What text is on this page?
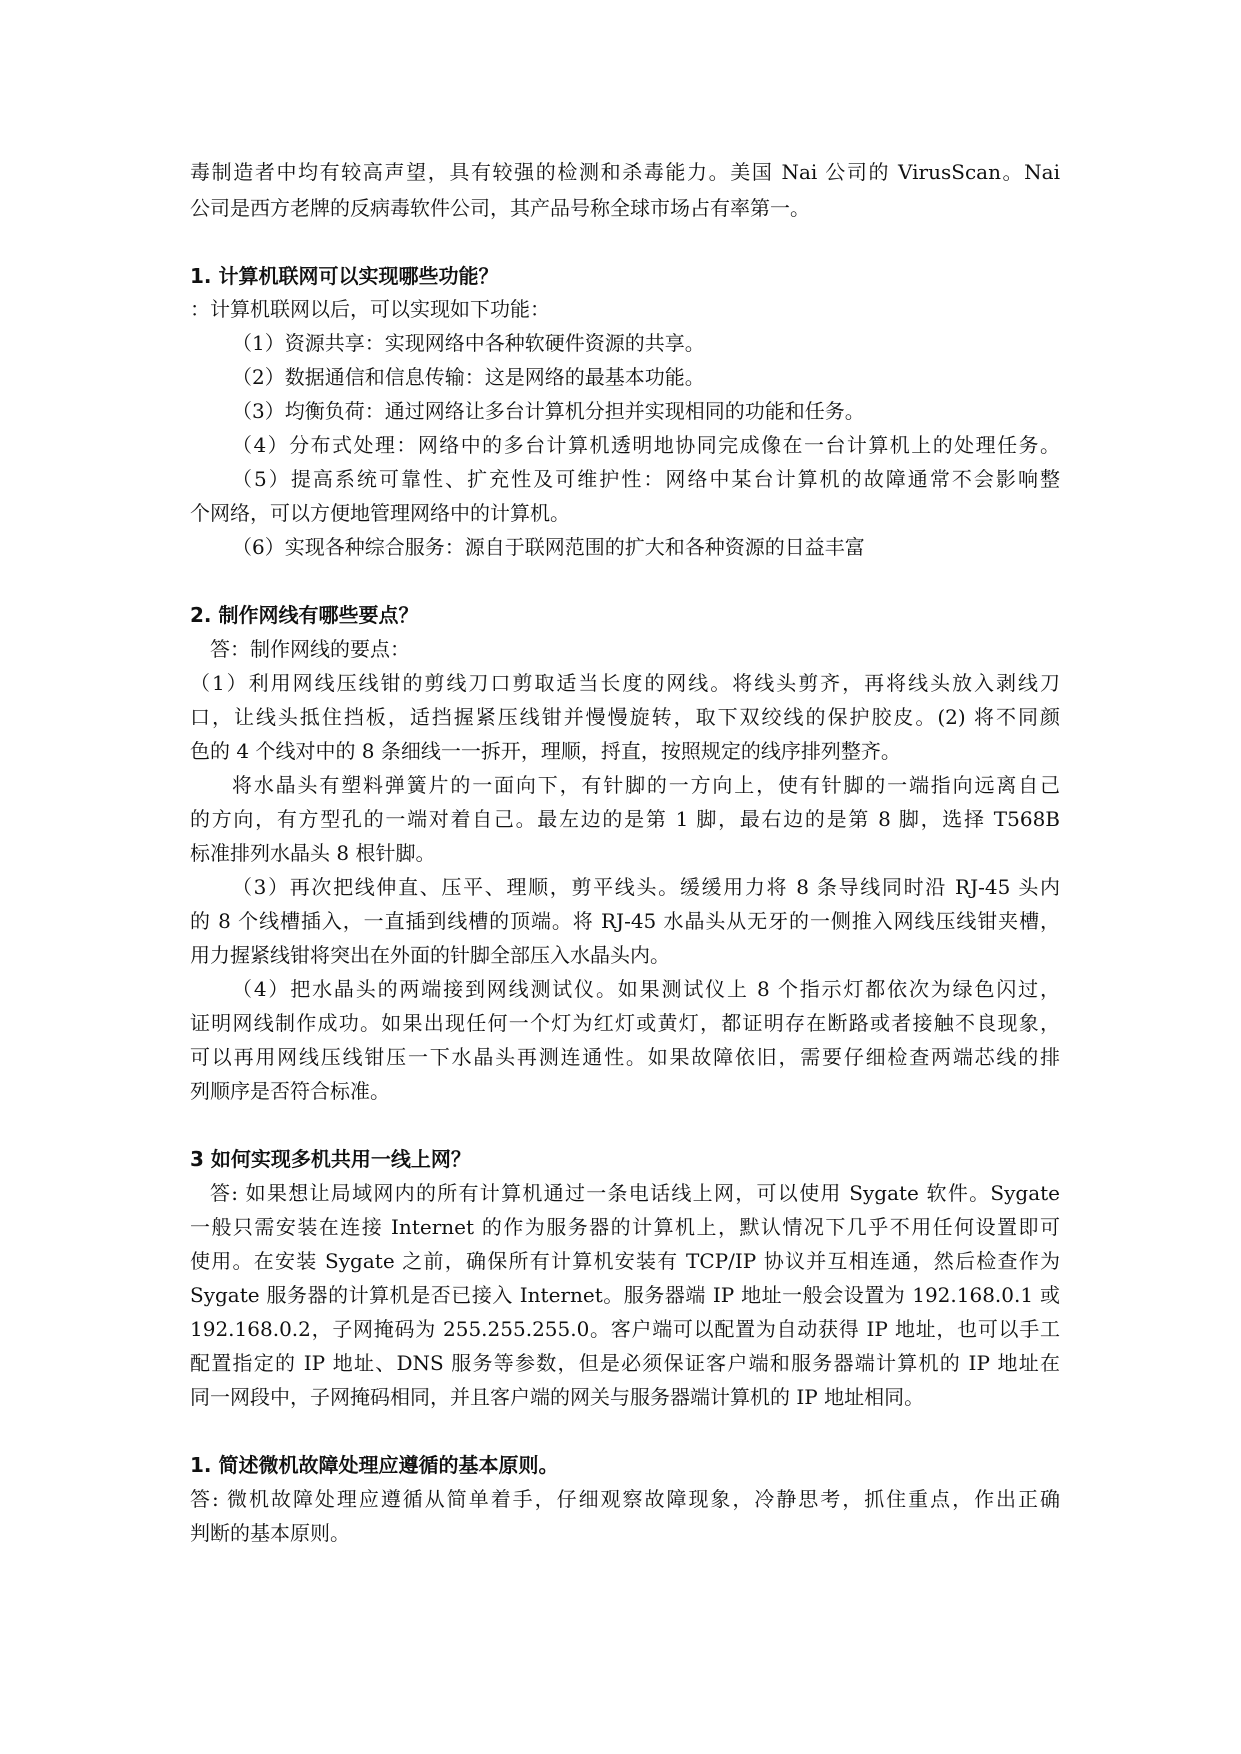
毒制造者中均有较高声望，具有较强的检测和杀毒能力。美国 Nai 公司的 VirusScan。Nai
公司是西方老牌的反病毒软件公司，其产品号称全球市场占有率第一。
1. 计算机联网可以实现哪些功能？
：计算机联网以后，可以实现如下功能：
（1）资源共享：实现网络中各种软硬件资源的共享。
（2）数据通信和信息传输：这是网络的最基本功能。
（3）均衡负荷：通过网络让多台计算机分担并实现相同的功能和任务。
（4）分布式处理：网络中的多台计算机透明地协同完成像在一台计算机上的处理任务。
（5）提高系统可靠性、扩充性及可维护性：网络中某台计算机的故障通常不会影响整
个网络，可以方便地管理网络中的计算机。
（6）实现各种综合服务：源自于联网范围的扩大和各种资源的日益丰富
2. 制作网线有哪些要点？
答：制作网线的要点：
（1）利用网线压线钳的剪线刀口剪取适当长度的网线。将线头剪齐，再将线头放入剥线刀
口，让线头抵住挡板，适挡握紧压线钳并慢慢旋转，取下双绞线的保护胶皮。(2) 将不同颜
色的 4 个线对中的 8 条细线一一拆开，理顺，捋直，按照规定的线序排列整齐。
将水晶头有塑料弹簧片的一面向下，有针脚的一方向上，使有针脚的一端指向远离自己
的方向，有方型孔的一端对着自己。最左边的是第 1 脚，最右边的是第 8 脚，选择 T568B
标准排列水晶头 8 根针脚。
（3）再次把线伸直、压平、理顺，剪平线头。缓缓用力将 8 条导线同时沿 RJ-45 头内
的 8 个线槽插入，一直插到线槽的顶端。将 RJ-45 水晶头从无牙的一侧推入网线压线钳夹槽，
用力握紧线钳将突出在外面的针脚全部压入水晶头内。
（4）把水晶头的两端接到网线测试仪。如果测试仪上 8 个指示灯都依次为绿色闪过，
证明网线制作成功。如果出现任何一个灯为红灯或黄灯，都证明存在断路或者接触不良现象，
可以再用网线压线钳压一下水晶头再测连通性。如果故障依旧，需要仔细检查两端芯线的排
列顺序是否符合标准。
3 如何实现多机共用一线上网？
答: 如果想让局域网内的所有计算机通过一条电话线上网，可以使用 Sygate 软件。Sygate
一般只需安装在连接 Internet 的作为服务器的计算机上，默认情况下几乎不用任何设置即可
使用。在安装 Sygate 之前，确保所有计算机安装有 TCP/IP 协议并互相连通，然后检查作为
Sygate 服务器的计算机是否已接入 Internet。服务器端 IP 地址一般会设置为 192.168.0.1 或
192.168.0.2，子网掩码为 255.255.255.0。客户端可以配置为自动获得 IP 地址，也可以手工
配置指定的 IP 地址、DNS 服务等参数，但是必须保证客户端和服务器端计算机的 IP 地址在
同一网段中，子网掩码相同，并且客户端的网关与服务器端计算机的 IP 地址相同。
1. 简述微机故障处理应遵循的基本原则。
答: 微机故障处理应遵循从简单着手，仔细观察故障现象，冷静思考，抓住重点，作出正确
判断的基本原则。
